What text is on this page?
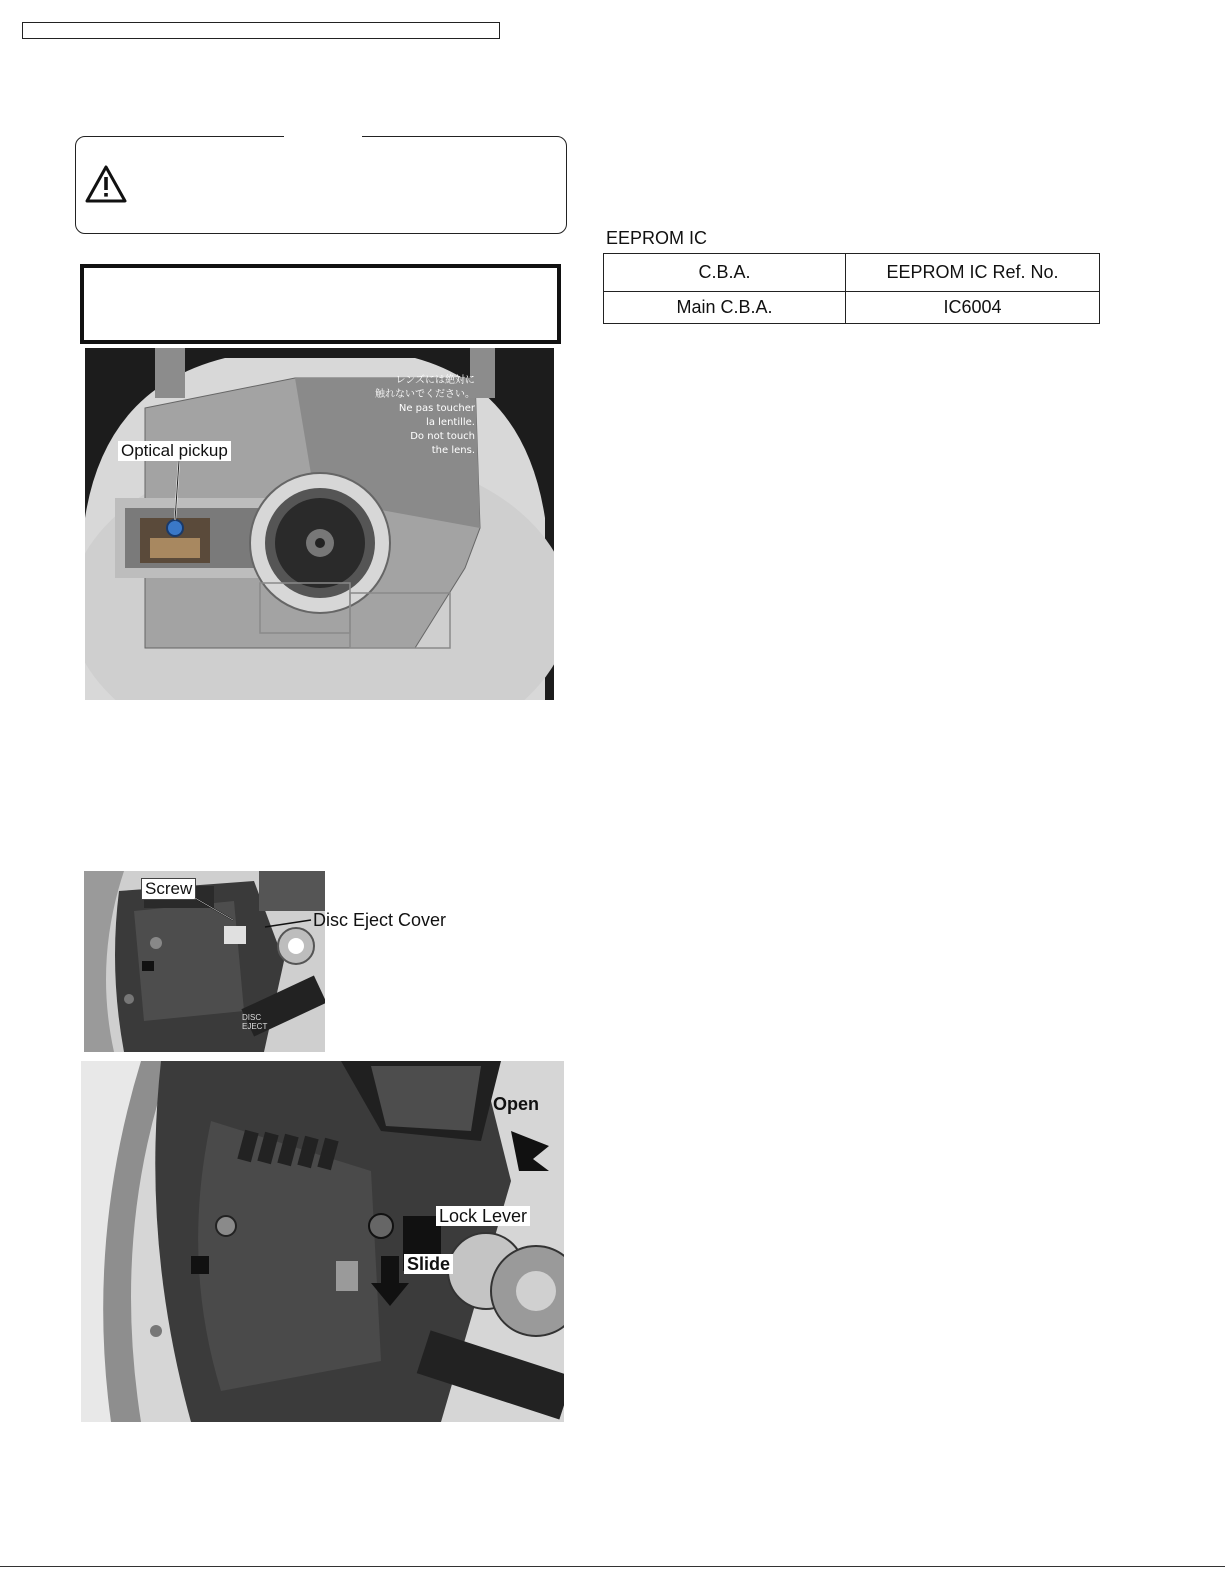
Optical pickup
レンズには絶対に
触れないでください。
Ne pas toucher
la lentille.
Do not touch
the lens.
Screw
DISC EJECT
Disc Eject Cover
Open
Lock Lever
Slide
EEPROM IC
C.B.A.	EEPROM IC Ref. No.
Main C.B.A.	IC6004
